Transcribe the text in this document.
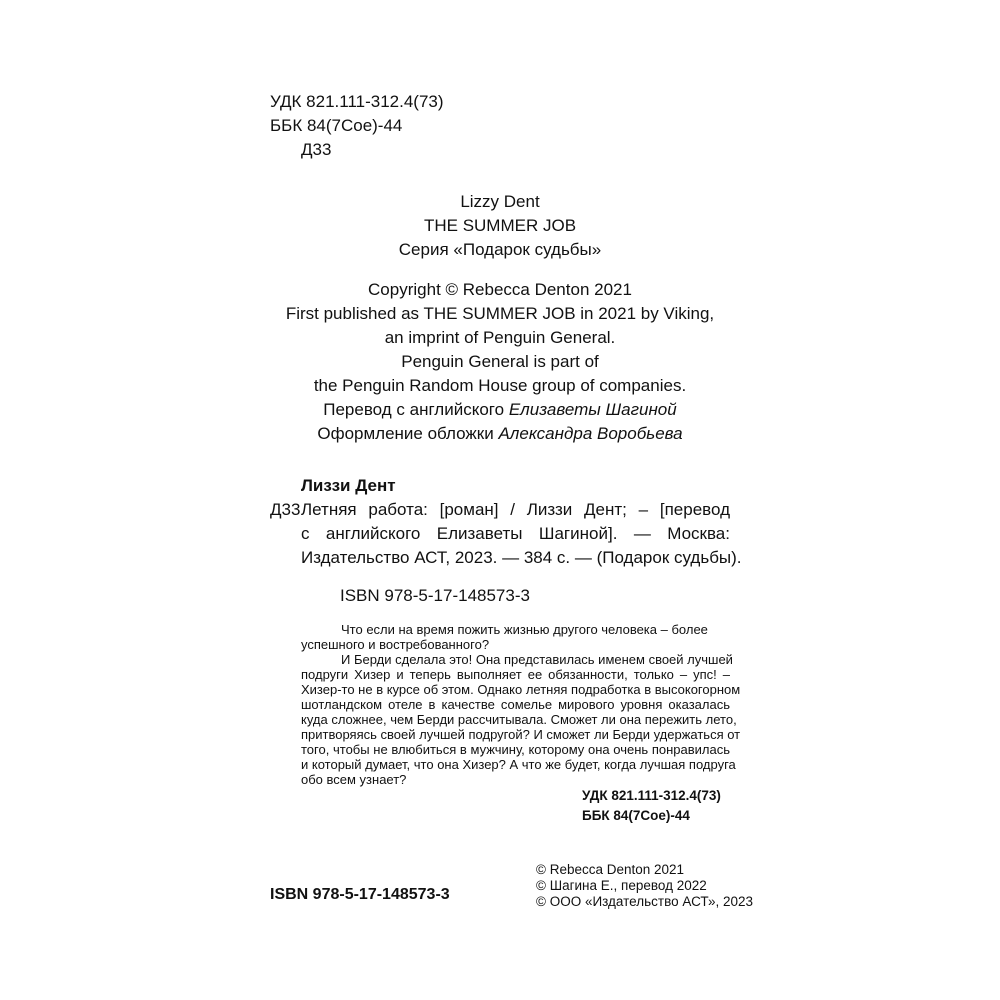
УДК 821.111-312.4(73)
ББК 84(7Сое)-44
Д33
Lizzy Dent
THE SUMMER JOB
Серия «Подарок судьбы»
Copyright © Rebecca Denton 2021
First published as THE SUMMER JOB in 2021 by Viking,
an imprint of Penguin General.
Penguin General is part of
the Penguin Random House group of companies.
Перевод с английского Елизаветы Шагиной
Оформление обложки Александра Воробьева
Лиззи Дент
Д33 Летняя работа: [роман] / Лиззи Дент; – [перевод
с английского Елизаветы Шагиной]. — Москва:
Издательство АСТ, 2023. — 384 с. — (Подарок судьбы).
ISBN 978-5-17-148573-3
Что если на время пожить жизнью другого человека – более
успешного и востребованного?
И Берди сделала это! Она представилась именем своей лучшей
подруги Хизер и теперь выполняет ее обязанности, только – упс! –
Хизер-то не в курсе об этом. Однако летняя подработка в высокогорном
шотландском отеле в качестве сомелье мирового уровня оказалась
куда сложнее, чем Берди рассчитывала. Сможет ли она пережить лето,
притворяясь своей лучшей подругой? И сможет ли Берди удержаться от
того, чтобы не влюбиться в мужчину, которому она очень понравилась
и который думает, что она Хизер? А что же будет, когда лучшая подруга
обо всем узнает?
УДК 821.111-312.4(73)
ББК 84(7Сое)-44
ISBN 978-5-17-148573-3
© Rebecca Denton 2021
© Шагина Е., перевод 2022
© ООО «Издательство АСТ», 2023
